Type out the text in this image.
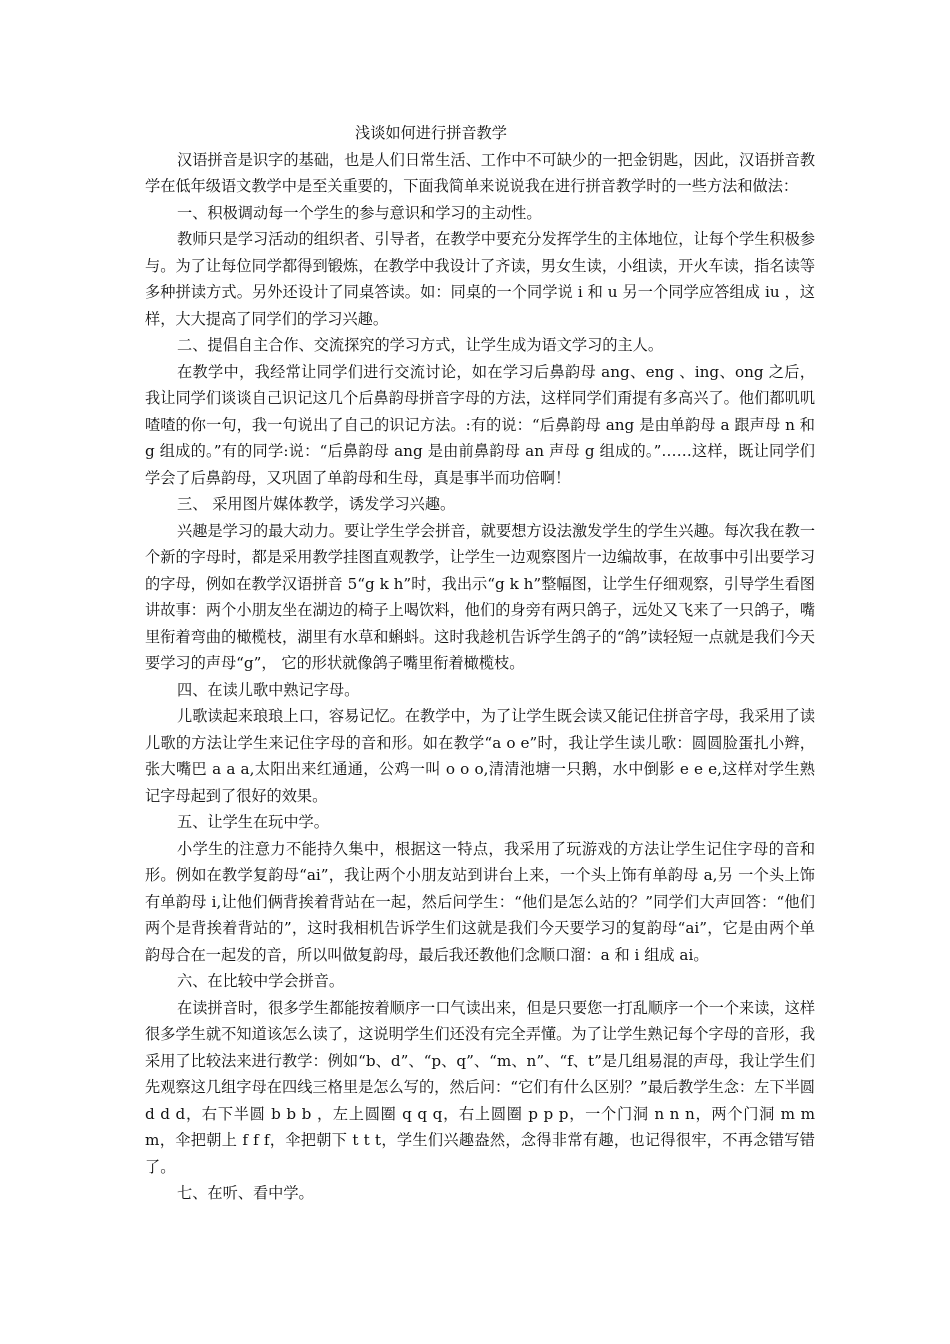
浅谈如何进行拼音教学

汉语拼音是识字的基础，也是人们日常生活、工作中不可缺少的一把金钥匙，因此，汉语拼音教学在低年级语文教学中是至关重要的，下面我简单来说说我在进行拼音教学时的一些方法和做法：

一、积极调动每一个学生的参与意识和学习的主动性。

教师只是学习活动的组织者、引导者，在教学中要充分发挥学生的主体地位，让每个学生积极参与。为了让每位同学都得到锻炼，在教学中我设计了齐读，男女生读，小组读，开火车读，指名读等多种拼读方式。另外还设计了同桌答读。如：同桌的一个同学说 i 和 u 另一个同学应答组成 iu ，这样，大大提高了同学们的学习兴趣。

二、提倡自主合作、交流探究的学习方式，让学生成为语文学习的主人。

在教学中，我经常让同学们进行交流讨论，如在学习后鼻韵母 ang、eng 、ing、ong 之后，我让同学们谈谈自己识记这几个后鼻韵母拼音字母的方法，这样同学们甭提有多高兴了。他们都叽叽喳喳的你一句，我一句说出了自己的识记方法。:有的说：“后鼻韵母 ang 是由单韵母 a 跟声母 n 和 g 组成的。”有的同学:说：“后鼻韵母 ang 是由前鼻韵母 an 声母 g 组成的。”……这样，既让同学们学会了后鼻韵母，又巩固了单韵母和生母，真是事半而功倍啊！

三、 采用图片媒体教学，诱发学习兴趣。

兴趣是学习的最大动力。要让学生学会拼音，就要想方设法激发学生的学生兴趣。每次我在教一个新的字母时，都是采用教学挂图直观教学，让学生一边观察图片一边编故事，在故事中引出要学习的字母，例如在教学汉语拼音 5“g k h”时，我出示“g k h”整幅图，让学生仔细观察，引导学生看图讲故事：两个小朋友坐在湖边的椅子上喝饮料，他们的身旁有两只鸽子，远处又飞来了一只鸽子，嘴里衔着弯曲的橄榄枝，湖里有水草和蝌蚪。这时我趁机告诉学生鸽子的“鸽”读轻短一点就是我们今天要学习的声母“g”， 它的形状就像鸽子嘴里衔着橄榄枝。

四、在读儿歌中熟记字母。

儿歌读起来琅琅上口，容易记忆。在教学中，为了让学生既会读又能记住拼音字母，我采用了读儿歌的方法让学生来记住字母的音和形。如在教学“a o e”时，我让学生读儿歌：圆圆脸蛋扎小辫，张大嘴巴 a a a,太阳出来红通通，公鸡一叫 o o o,清清池塘一只鹅，水中倒影 e e e,这样对学生熟记字母起到了很好的效果。

五、让学生在玩中学。

小学生的注意力不能持久集中，根据这一特点，我采用了玩游戏的方法让学生记住字母的音和形。例如在教学复韵母“ai”，我让两个小朋友站到讲台上来，一个头上饰有单韵母 a,另 一个头上饰有单韵母 i,让他们俩背挨着背站在一起，然后问学生：“他们是怎么站的？”同学们大声回答：“他们两个是背挨着背站的”，这时我相机告诉学生们这就是我们今天要学习的复韵母“ai”，它是由两个单韵母合在一起发的音，所以叫做复韵母，最后我还教他们念顺口溜：a 和 i 组成 ai。

六、在比较中学会拼音。

在读拼音时，很多学生都能按着顺序一口气读出来，但是只要您一打乱顺序一个一个来读，这样很多学生就不知道该怎么读了，这说明学生们还没有完全弄懂。为了让学生熟记每个字母的音形，我采用了比较法来进行教学：例如“b、d”、“p、q”、“m、n”、“f、t”是几组易混的声母，我让学生们先观察这几组字母在四线三格里是怎么写的，然后问：“它们有什么区别？”最后教学生念：左下半圆 d d d，右下半圆 b b b ，左上圆圈 q q q，右上圆圈 p p p，一个门洞 n n n，两个门洞 m m m，伞把朝上 f f f，伞把朝下 t t t，学生们兴趣盎然，念得非常有趣，也记得很牢，不再念错写错了。

七、在听、看中学。
